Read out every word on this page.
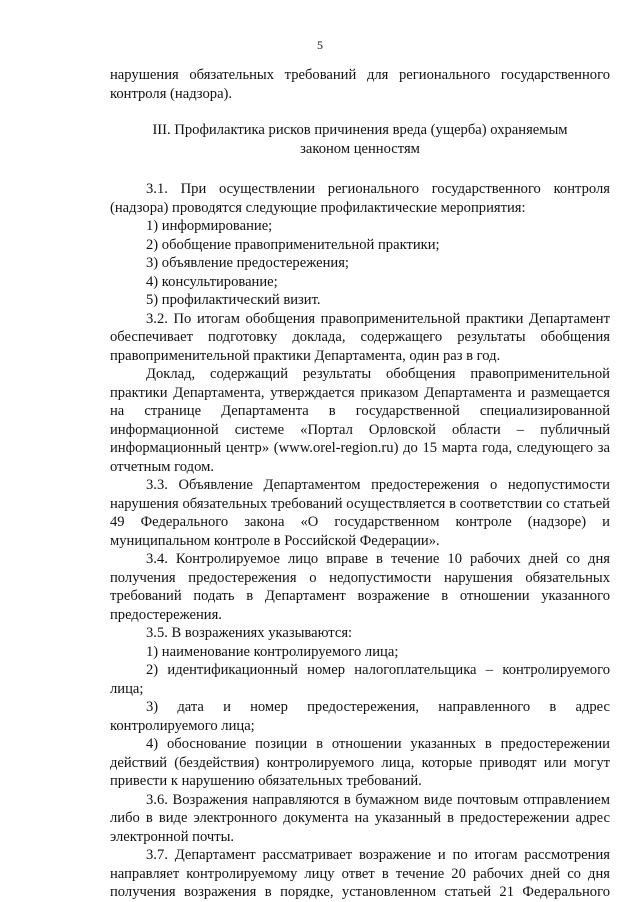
5

нарушения обязательных требований для регионального государственного контроля (надзора).

III. Профилактика рисков причинения вреда (ущерба) охраняемым
законом ценностям

3.1. При осуществлении регионального государственного контроля (надзора) проводятся следующие профилактические мероприятия:

1) информирование;

2) обобщение правоприменительной практики;

3) объявление предостережения;

4) консультирование;

5) профилактический визит.

3.2. По итогам обобщения правоприменительной практики Департамент обеспечивает подготовку доклада, содержащего результаты обобщения правоприменительной практики Департамента, один раз в год.

Доклад, содержащий результаты обобщения правоприменительной практики Департамента, утверждается приказом Департамента и размещается на странице Департамента в государственной специализированной информационной системе «Портал Орловской области – публичный информационный центр» (www.orel-region.ru) до 15 марта года, следующего за отчетным годом.

3.3. Объявление Департаментом предостережения о недопустимости нарушения обязательных требований осуществляется в соответствии со статьей 49 Федерального закона «О государственном контроле (надзоре) и муниципальном контроле в Российской Федерации».

3.4. Контролируемое лицо вправе в течение 10 рабочих дней со дня получения предостережения о недопустимости нарушения обязательных требований подать в Департамент возражение в отношении указанного предостережения.

3.5. В возражениях указываются:

1) наименование контролируемого лица;

2) идентификационный номер налогоплательщика – контролируемого лица;

3) дата и номер предостережения, направленного в адрес контролируемого лица;

4) обоснование позиции в отношении указанных в предостережении действий (бездействия) контролируемого лица, которые приводят или могут привести к нарушению обязательных требований.

3.6. Возражения направляются в бумажном виде почтовым отправлением либо в виде электронного документа на указанный в предостережении адрес электронной почты.

3.7. Департамент рассматривает возражение и по итогам рассмотрения направляет контролируемому лицу ответ в течение 20 рабочих дней со дня получения возражения в порядке, установленном статьей 21 Федерального
